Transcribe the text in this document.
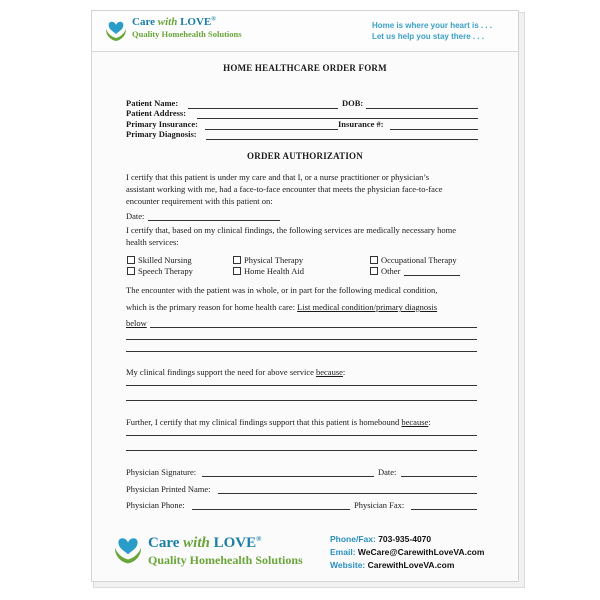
Care with LOVE®
Quality Homehealth Solutions
Home is where your heart is . . .
Let us help you stay there . . .
HOME HEALTHCARE ORDER FORM
Patient Name:	DOB:
Patient Address:
Primary Insurance:	Insurance #:
Primary Diagnosis:
ORDER AUTHORIZATION
I certify that this patient is under my care and that I, or a nurse practitioner or physician’s
assistant working with me, had a face-to-face encounter that meets the physician face-to-face
encounter requirement with this patient on:
Date:
I certify that, based on my clinical findings, the following services are medically necessary home
health services:
Skilled Nursing	Physical Therapy	Occupational Therapy
Speech Therapy	Home Health Aid	Other
The encounter with the patient was in whole, or in part for the following medical condition,
which is the primary reason for home health care: List medical condition/primary diagnosis
below
My clinical findings support the need for above service because:
Further, I certify that my clinical findings support that this patient is homebound because:
Physician Signature:	Date:
Physician Printed Name:
Physician Phone:	Physician Fax:
Care with LOVE®
Quality Homehealth Solutions
Phone/Fax: 703-935-4070
Email: WeCare@CarewithLoveVA.com
Website: CarewithLoveVA.com
